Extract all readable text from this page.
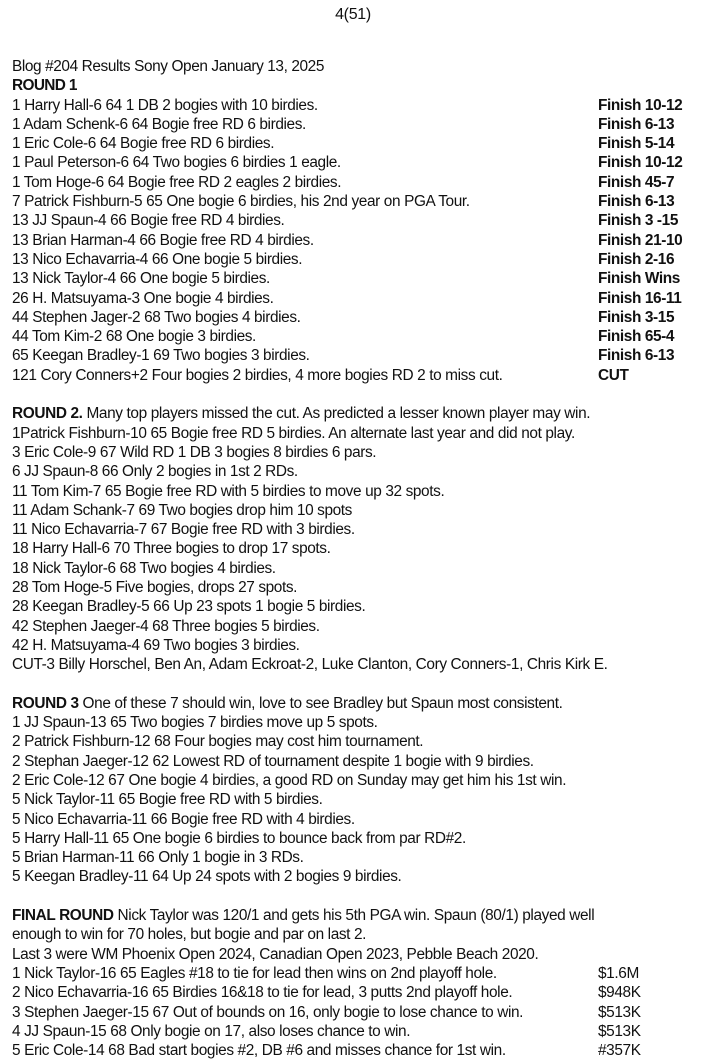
4(51)
Blog #204 Results Sony Open January 13, 2025
ROUND 1
1 Harry Hall-6 64 1 DB 2 bogies with 10 birdies.	Finish 10-12
1 Adam Schenk-6 64 Bogie free RD 6 birdies.	Finish 6-13
1 Eric Cole-6 64 Bogie free RD 6 birdies.	Finish 5-14
1 Paul Peterson-6 64 Two bogies 6 birdies 1 eagle.	Finish 10-12
1 Tom Hoge-6 64 Bogie free RD 2 eagles 2 birdies.	Finish 45-7
7 Patrick Fishburn-5 65 One bogie 6 birdies, his 2nd year on PGA Tour.	Finish 6-13
13 JJ Spaun-4 66 Bogie free RD 4 birdies.	Finish 3 -15
13 Brian Harman-4 66 Bogie free RD 4 birdies.	Finish 21-10
13 Nico Echavarria-4 66 One bogie 5 birdies.	Finish 2-16
13 Nick Taylor-4 66 One bogie 5 birdies.	Finish Wins
26 H. Matsuyama-3 One bogie 4 birdies.	Finish 16-11
44 Stephen Jager-2 68 Two bogies 4 birdies.	Finish 3-15
44 Tom Kim-2 68 One bogie 3 birdies.	Finish 65-4
65 Keegan Bradley-1 69 Two bogies 3 birdies.	Finish 6-13
121 Cory Conners+2 Four bogies 2 birdies, 4 more bogies RD 2 to miss cut.	CUT
ROUND 2. Many top players missed the cut. As predicted a lesser known player may win.
1Patrick Fishburn-10 65 Bogie free RD 5 birdies. An alternate last year and did not play.
3 Eric Cole-9 67 Wild RD 1 DB 3 bogies 8 birdies 6 pars.
6 JJ Spaun-8 66 Only 2 bogies in 1st 2 RDs.
11 Tom Kim-7 65 Bogie free RD with 5 birdies to move up 32 spots.
11 Adam Schank-7 69 Two bogies drop him 10 spots
11 Nico Echavarria-7 67 Bogie free RD with 3 birdies.
18 Harry Hall-6 70 Three bogies to drop 17 spots.
18 Nick Taylor-6 68 Two bogies 4 birdies.
28 Tom Hoge-5 Five bogies, drops 27 spots.
28 Keegan Bradley-5 66 Up 23 spots 1 bogie 5 birdies.
42 Stephen Jaeger-4 68 Three bogies 5 birdies.
42 H. Matsuyama-4 69 Two bogies 3 birdies.
CUT-3 Billy Horschel, Ben An, Adam Eckroat-2, Luke Clanton, Cory Conners-1, Chris Kirk E.
ROUND 3 One of these 7 should win, love to see Bradley but Spaun most consistent.
1 JJ Spaun-13 65 Two bogies 7 birdies move up 5 spots.
2 Patrick Fishburn-12 68 Four bogies may cost him tournament.
2 Stephan Jaeger-12 62 Lowest RD of tournament despite 1 bogie with 9 birdies.
2 Eric Cole-12 67 One bogie 4 birdies, a good RD on Sunday may get him his 1st win.
5 Nick Taylor-11 65 Bogie free RD with 5 birdies.
5 Nico Echavarria-11 66 Bogie free RD with 4 birdies.
5 Harry Hall-11 65 One bogie 6 birdies to bounce back from par RD#2.
5 Brian Harman-11 66 Only 1 bogie in 3 RDs.
5 Keegan Bradley-11 64 Up 24 spots with 2 bogies 9 birdies.
FINAL ROUND Nick Taylor was 120/1 and gets his 5th PGA win. Spaun (80/1) played well
enough to win for 70 holes, but bogie and par on last 2.
Last 3 were WM Phoenix Open 2024, Canadian Open 2023, Pebble Beach 2020.
1 Nick Taylor-16 65 Eagles #18 to tie for lead then wins on 2nd playoff hole.	$1.6M
2 Nico Echavarria-16 65 Birdies 16&18 to tie for lead, 3 putts 2nd playoff hole.	$948K
3 Stephen Jaeger-15 67 Out of bounds on 16, only bogie to lose chance to win.	$513K
4 JJ Spaun-15 68 Only bogie on 17, also loses chance to win.	$513K
5 Eric Cole-14 68 Bad start bogies #2, DB #6 and misses chance for 1st win.	#357K
